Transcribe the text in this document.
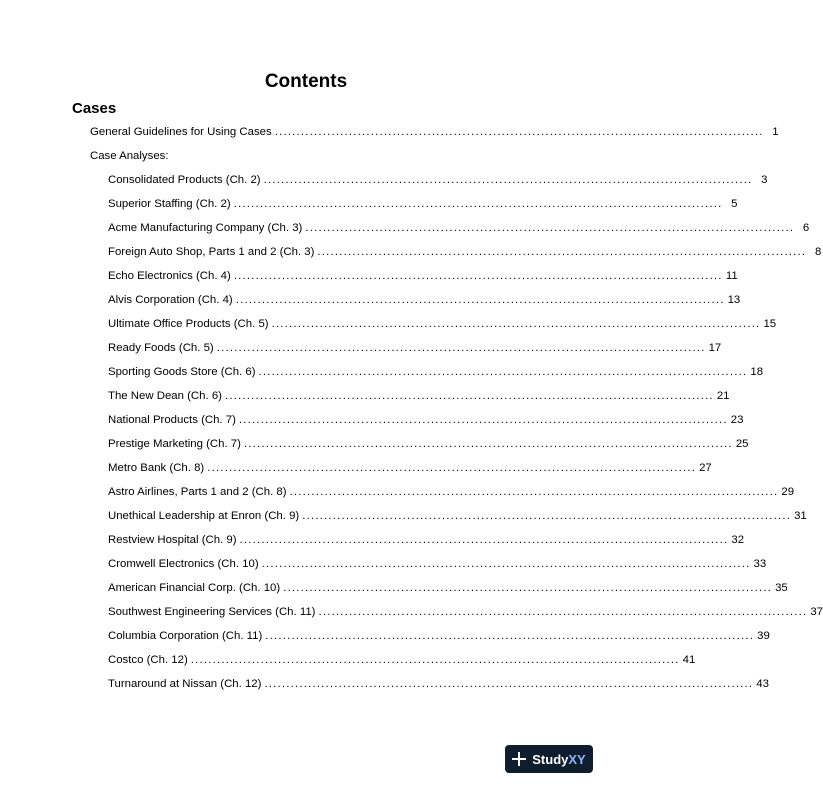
Contents
Cases
General Guidelines for Using Cases ................................................................................................................ 1
Case Analyses:
Consolidated Products (Ch. 2) ................................................................................................................ 3
Superior Staffing (Ch. 2) ................................................................................................................ 5
Acme Manufacturing Company (Ch. 3) ................................................................................................................ 6
Foreign Auto Shop, Parts 1 and 2 (Ch. 3) ................................................................................................................ 8
Echo Electronics (Ch. 4) ................................................................................................................ 11
Alvis Corporation (Ch. 4) ................................................................................................................ 13
Ultimate Office Products (Ch. 5) ................................................................................................................ 15
Ready Foods (Ch. 5) ................................................................................................................ 17
Sporting Goods Store (Ch. 6) ................................................................................................................ 18
The New Dean (Ch. 6) ................................................................................................................ 21
National Products (Ch. 7) ................................................................................................................ 23
Prestige Marketing (Ch. 7) ................................................................................................................ 25
Metro Bank (Ch. 8) ................................................................................................................ 27
Astro Airlines, Parts 1 and 2 (Ch. 8) ................................................................................................................ 29
Unethical Leadership at Enron (Ch. 9) ................................................................................................................ 31
Restview Hospital (Ch. 9) ................................................................................................................ 32
Cromwell Electronics (Ch. 10) ................................................................................................................ 33
American Financial Corp. (Ch. 10) ................................................................................................................ 35
Southwest Engineering Services (Ch. 11) ................................................................................................................ 37
Columbia Corporation (Ch. 11) ................................................................................................................ 39
Costco (Ch. 12) ................................................................................................................ 41
Turnaround at Nissan (Ch. 12) ................................................................................................................ 43
StudyXY
